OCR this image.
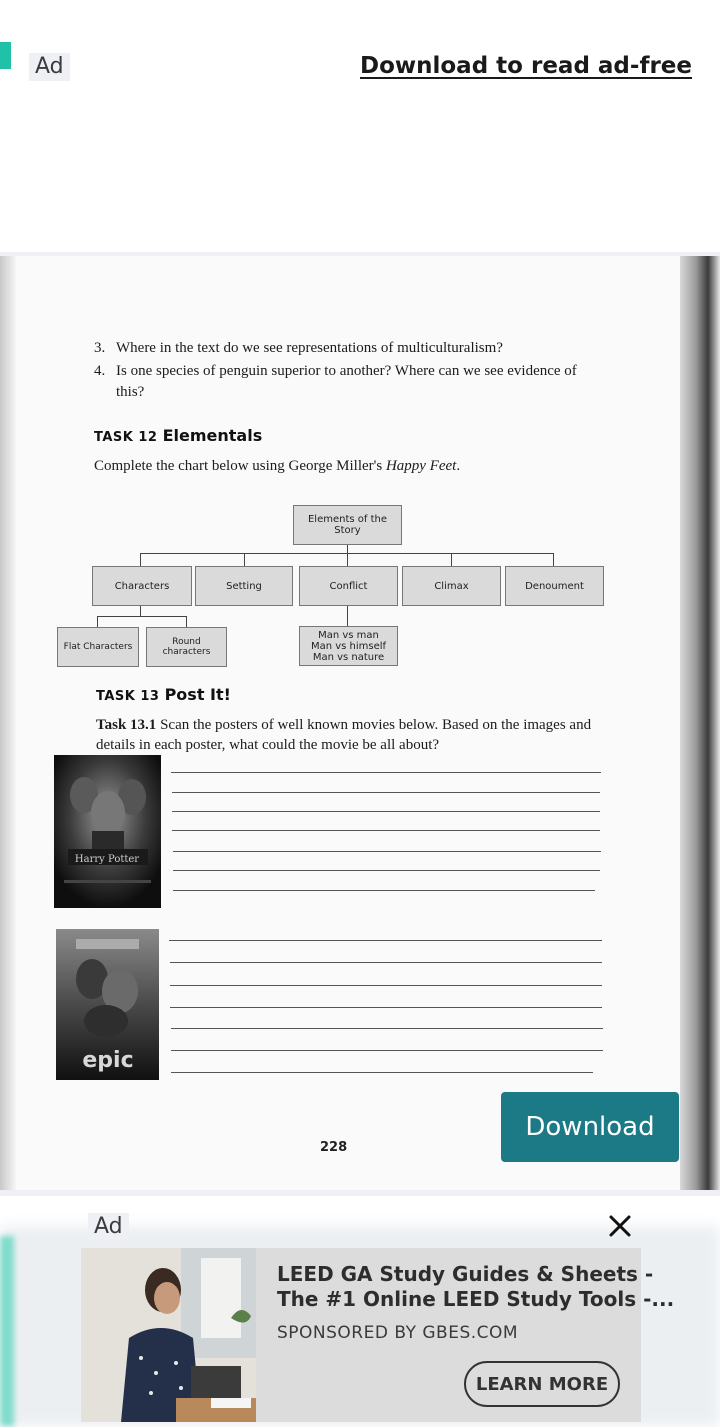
Ad	Download to read ad-free
3. Where in the text do we see representations of multiculturalism?
4. Is one species of penguin superior to another? Where can we see evidence of this?
TASK 12 Elementals
Complete the chart below using George Miller's Happy Feet.
Elements of the Story
Characters	Setting	Conflict	Climax	Denoument
Flat Characters	Round characters
Man vs man
Man vs himself
Man vs nature
TASK 13 Post It!
Task 13.1 Scan the posters of well known movies below. Based on the images and details in each poster, what could the movie be all about?
Harry Potter
epic
228
Download
Ad
LEED GA Study Guides & Sheets -
The #1 Online LEED Study Tools -...
SPONSORED BY GBES.COM
LEARN MORE
